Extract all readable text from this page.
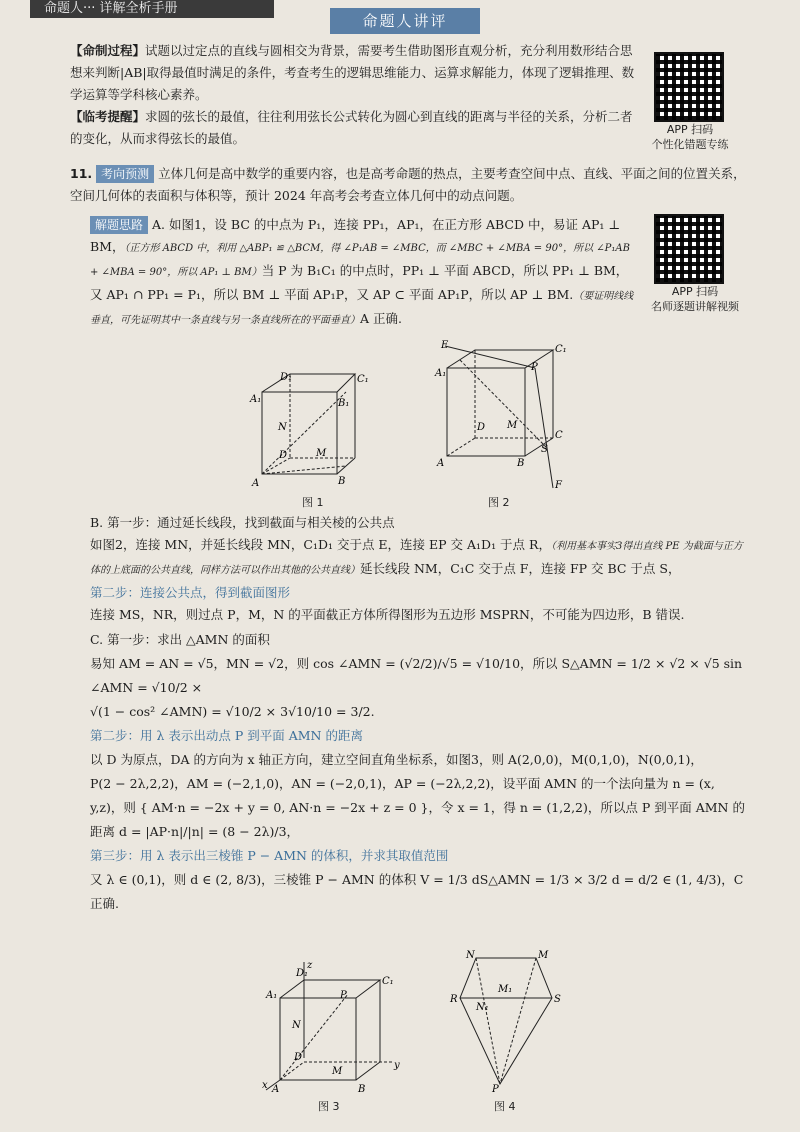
命题人··· 详解全析手册
命题人讲评
【命制过程】试题以过定点的直线与圆相交为背景，需要考生借助图形直观分析，充分利用数形结合思想来判断|AB|取得最值时满足的条件，考查考生的逻辑思维能力、运算求解能力，体现了逻辑推理、数学运算等学科核心素养。
【临考提醒】求圆的弦长的最值，往往利用弦长公式转化为圆心到直线的距离与半径的关系，分析二者的变化，从而求得弦长的最值。
APP 扫码
个性化错题专练
11. 考向预测 立体几何是高中数学的重要内容，也是高考命题的热点，主要考查空间中点、直线、平面之间的位置关系，空间几何体的表面积与体积等，预计 2024 年高考会考查立体几何中的动点问题。
解题思路 A. 如图1，设 BC 的中点为 P₁，连接 PP₁，AP₁，在正方形 ABCD 中，易证 AP₁ ⊥ BM，（正方形 ABCD 中，利用 △ABP₁ ≌ △BCM，得 ∠P₁AB = ∠MBC，而 ∠MBC + ∠MBA = 90°，所以 ∠P₁AB + ∠MBA = 90°，所以 AP₁ ⊥ BM）当 P 为 B₁C₁ 的中点时，PP₁ ⊥ 平面 ABCD，所以 PP₁ ⊥ BM，又 AP₁ ∩ PP₁ = P₁，所以 BM ⊥ 平面 AP₁P，又 AP ⊂ 平面 AP₁P，所以 AP ⊥ BM.（要证明线线垂直，可先证明其中一条直线与另一条直线所在的平面垂直）A 正确.
APP 扫码
名师逐题讲解视频
D₁	C₁
A₁	B₁
N
D	M
A	B
图 1
E	C₁
A₁
P
D M
C
S
A	B
F
图 2
B. 第一步：通过延长线段，找到截面与相关棱的公共点
如图2，连接 MN，并延长线段 MN，C₁D₁ 交于点 E，连接 EP 交 A₁D₁ 于点 R，（利用基本事实3得出直线 PE 为截面与正方体的上底面的公共直线，同样方法可以作出其他的公共直线）延长线段 NM，C₁C 交于点 F，连接 FP 交 BC 于点 S，
第二步：连接公共点，得到截面图形
连接 MS，NR，则过点 P，M，N 的平面截正方体所得图形为五边形 MSPRN，不可能为四边形，B 错误.
C. 第一步：求出 △AMN 的面积
易知 AM = AN = √5，MN = √2，则 cos ∠AMN = (√2/2)/√5 = √10/10，所以 S△AMN = 1/2 × √2 × √5 sin ∠AMN = √10/2 ×
√(1 − cos² ∠AMN) = √10/2 × 3√10/10 = 3/2.
第二步：用 λ 表示出动点 P 到平面 AMN 的距离
以 D 为原点，DA 的方向为 x 轴正方向，建立空间直角坐标系，如图3，则 A(2,0,0)，M(0,1,0)，N(0,0,1)，
P(2 − 2λ,2,2)，AM = (−2,1,0)，AN = (−2,0,1)，AP = (−2λ,2,2)，设平面 AMN 的一个法向量为 n = (x,
y,z)，则 { AM·n = −2x + y = 0, AN·n = −2x + z = 0 }，令 x = 1，得 n = (1,2,2)，所以点 P 到平面 AMN 的距离 d = |AP·n|/|n| = (8 − 2λ)/3，
第三步：用 λ 表示出三棱锥 P − AMN 的体积，并求其取值范围
又 λ ∈ (0,1)，则 d ∈ (2, 8/3)，三棱锥 P − AMN 的体积 V = 1/3 dS△AMN = 1/3 × 3/2 d = d/2 ∈ (1, 4/3)，C 正确.
z
D₁
C₁
A₁	P
N
D
M
y
x A	B
图 3
N	M
R
M₁
N₁
S
P
图 4
